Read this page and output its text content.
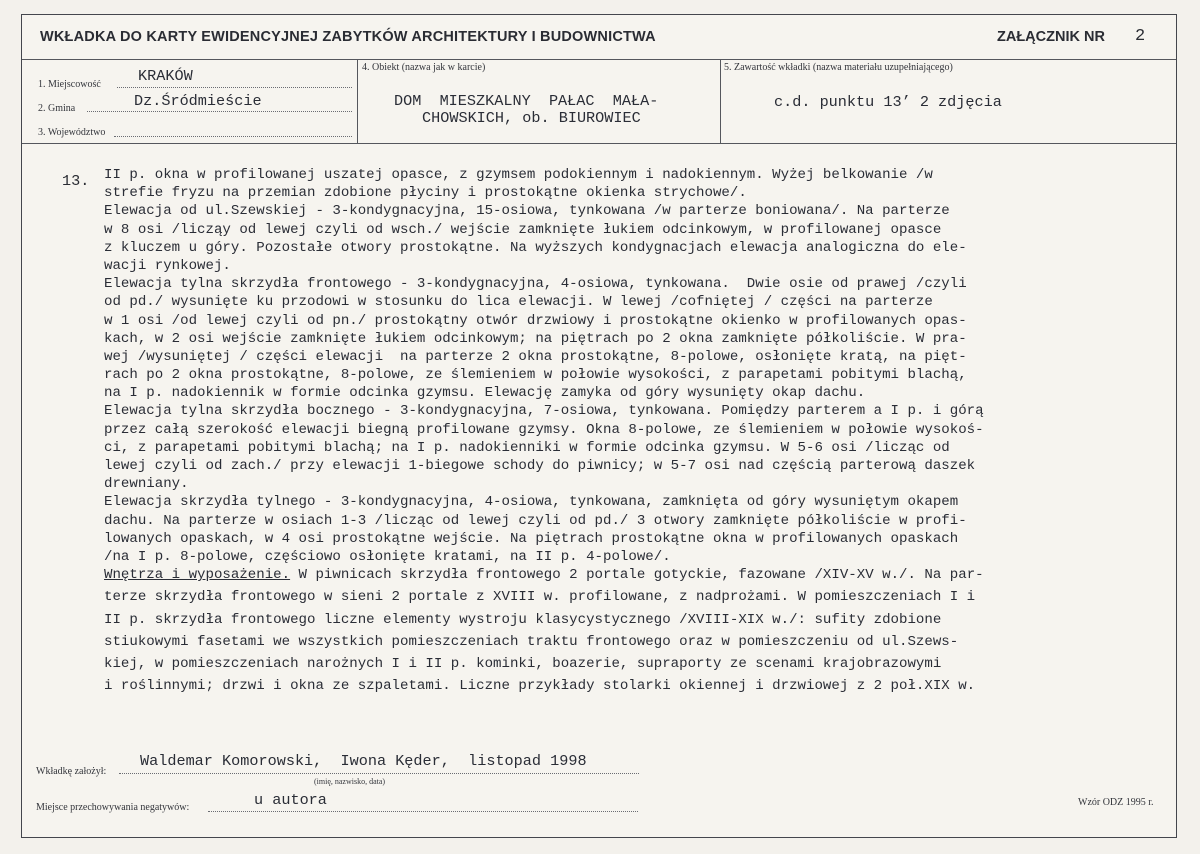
WKŁADKA DO KARTY EWIDENCYJNEJ ZABYTKÓW ARCHITEKTURY I BUDOWNICTWA	ZAŁĄCZNIK NR 2
1. Miejscowość KRAKÓW
2. Gmina	Dz.Śródmieście
3. Województwo
4. Obiekt (nazwa jak w karcie)
DOM  MIESZKALNY  PAŁAC  MAŁA-
CHOWSKICH, ob. BIUROWIEC
5. Zawartość wkładki (nazwa materiału uzupełniającego)
c.d. punktu 13’ 2 zdjęcia
13. II p. okna w profilowanej uszatej opasce, z gzymsem podokiennym i nadokiennym. Wyżej belkowanie /w
strefie fryzu na przemian zdobione płyciny i prostokątne okienka strychowe/.
Elewacja od ul.Szewskiej - 3-kondygnacyjna, 15-osiowa, tynkowana /w parterze boniowana/. Na parterze
w 8 osi /licząy od lewej czyli od wsch./ wejście zamknięte łukiem odcinkowym, w profilowanej opasce
z kluczem u góry. Pozostałe otwory prostokątne. Na wyższych kondygnacjach elewacja analogiczna do ele-
wacji rynkowej.
Elewacja tylna skrzydła frontowego - 3-kondygnacyjna, 4-osiowa, tynkowana.  Dwie osie od prawej /czyli
od pd./ wysunięte ku przodowi w stosunku do lica elewacji. W lewej /cofniętej / części na parterze
w 1 osi /od lewej czyli od pn./ prostokątny otwór drzwiowy i prostokątne okienko w profilowanych opas-
kach, w 2 osi wejście zamknięte łukiem odcinkowym; na piętrach po 2 okna zamknięte półkoliście. W pra-
wej /wysuniętej / części elewacji  na parterze 2 okna prostokątne, 8-polowe, osłonięte kratą, na pięt-
rach po 2 okna prostokątne, 8-polowe, ze ślemieniem w połowie wysokości, z parapetami pobitymi blachą,
na I p. nadokiennik w formie odcinka gzymsu. Elewację zamyka od góry wysunięty okap dachu.
Elewacja tylna skrzydła bocznego - 3-kondygnacyjna, 7-osiowa, tynkowana. Pomiędzy parterem a I p. i górą
przez całą szerokość elewacji biegną profilowane gzymsy. Okna 8-polowe, ze ślemieniem w połowie wysokoś-
ci, z parapetami pobitymi blachą; na I p. nadokienniki w formie odcinka gzymsu. W 5-6 osi /licząc od
lewej czyli od zach./ przy elewacji 1-biegowe schody do piwnicy; w 5-7 osi nad częścią parterową daszek
drewniany.
Elewacja skrzydła tylnego - 3-kondygnacyjna, 4-osiowa, tynkowana, zamknięta od góry wysuniętym okapem
dachu. Na parterze w osiach 1-3 /licząc od lewej czyli od pd./ 3 otwory zamknięte półkoliście w profi-
lowanych opaskach, w 4 osi prostokątne wejście. Na piętrach prostokątne okna w profilowanych opaskach
/na I p. 8-polowe, częściowo osłonięte kratami, na II p. 4-polowe/.
Wnętrza i wyposażenie. W piwnicach skrzydła frontowego 2 portale gotyckie, fazowane /XIV-XV w./. Na par-
terze skrzydła frontowego w sieni 2 portale z XVIII w. profilowane, z nadprożami. W pomieszczeniach I i
II p. skrzydła frontowego liczne elementy wystroju klasycystycznego /XVIII-XIX w./: sufity zdobione
stiukowymi fasetami we wszystkich pomieszczeniach traktu frontowego oraz w pomieszczeniu od ul.Szews-
kiej, w pomieszczeniach narożnych I i II p. kominki, boazerie, supraporty ze scenami krajobrazowymi
i roślinnymi; drzwi i okna ze szpaletami. Liczne przykłady stolarki okiennej i drzwiowej z 2 poł.XIX w.
Wkładkę założył:
Waldemar Komorowski,  Iwona Kęder,  listopad 1998
(imię, nazwisko, data)
Miejsce przechowywania negatywów:	u autora	Wzór ODZ 1995 r.
